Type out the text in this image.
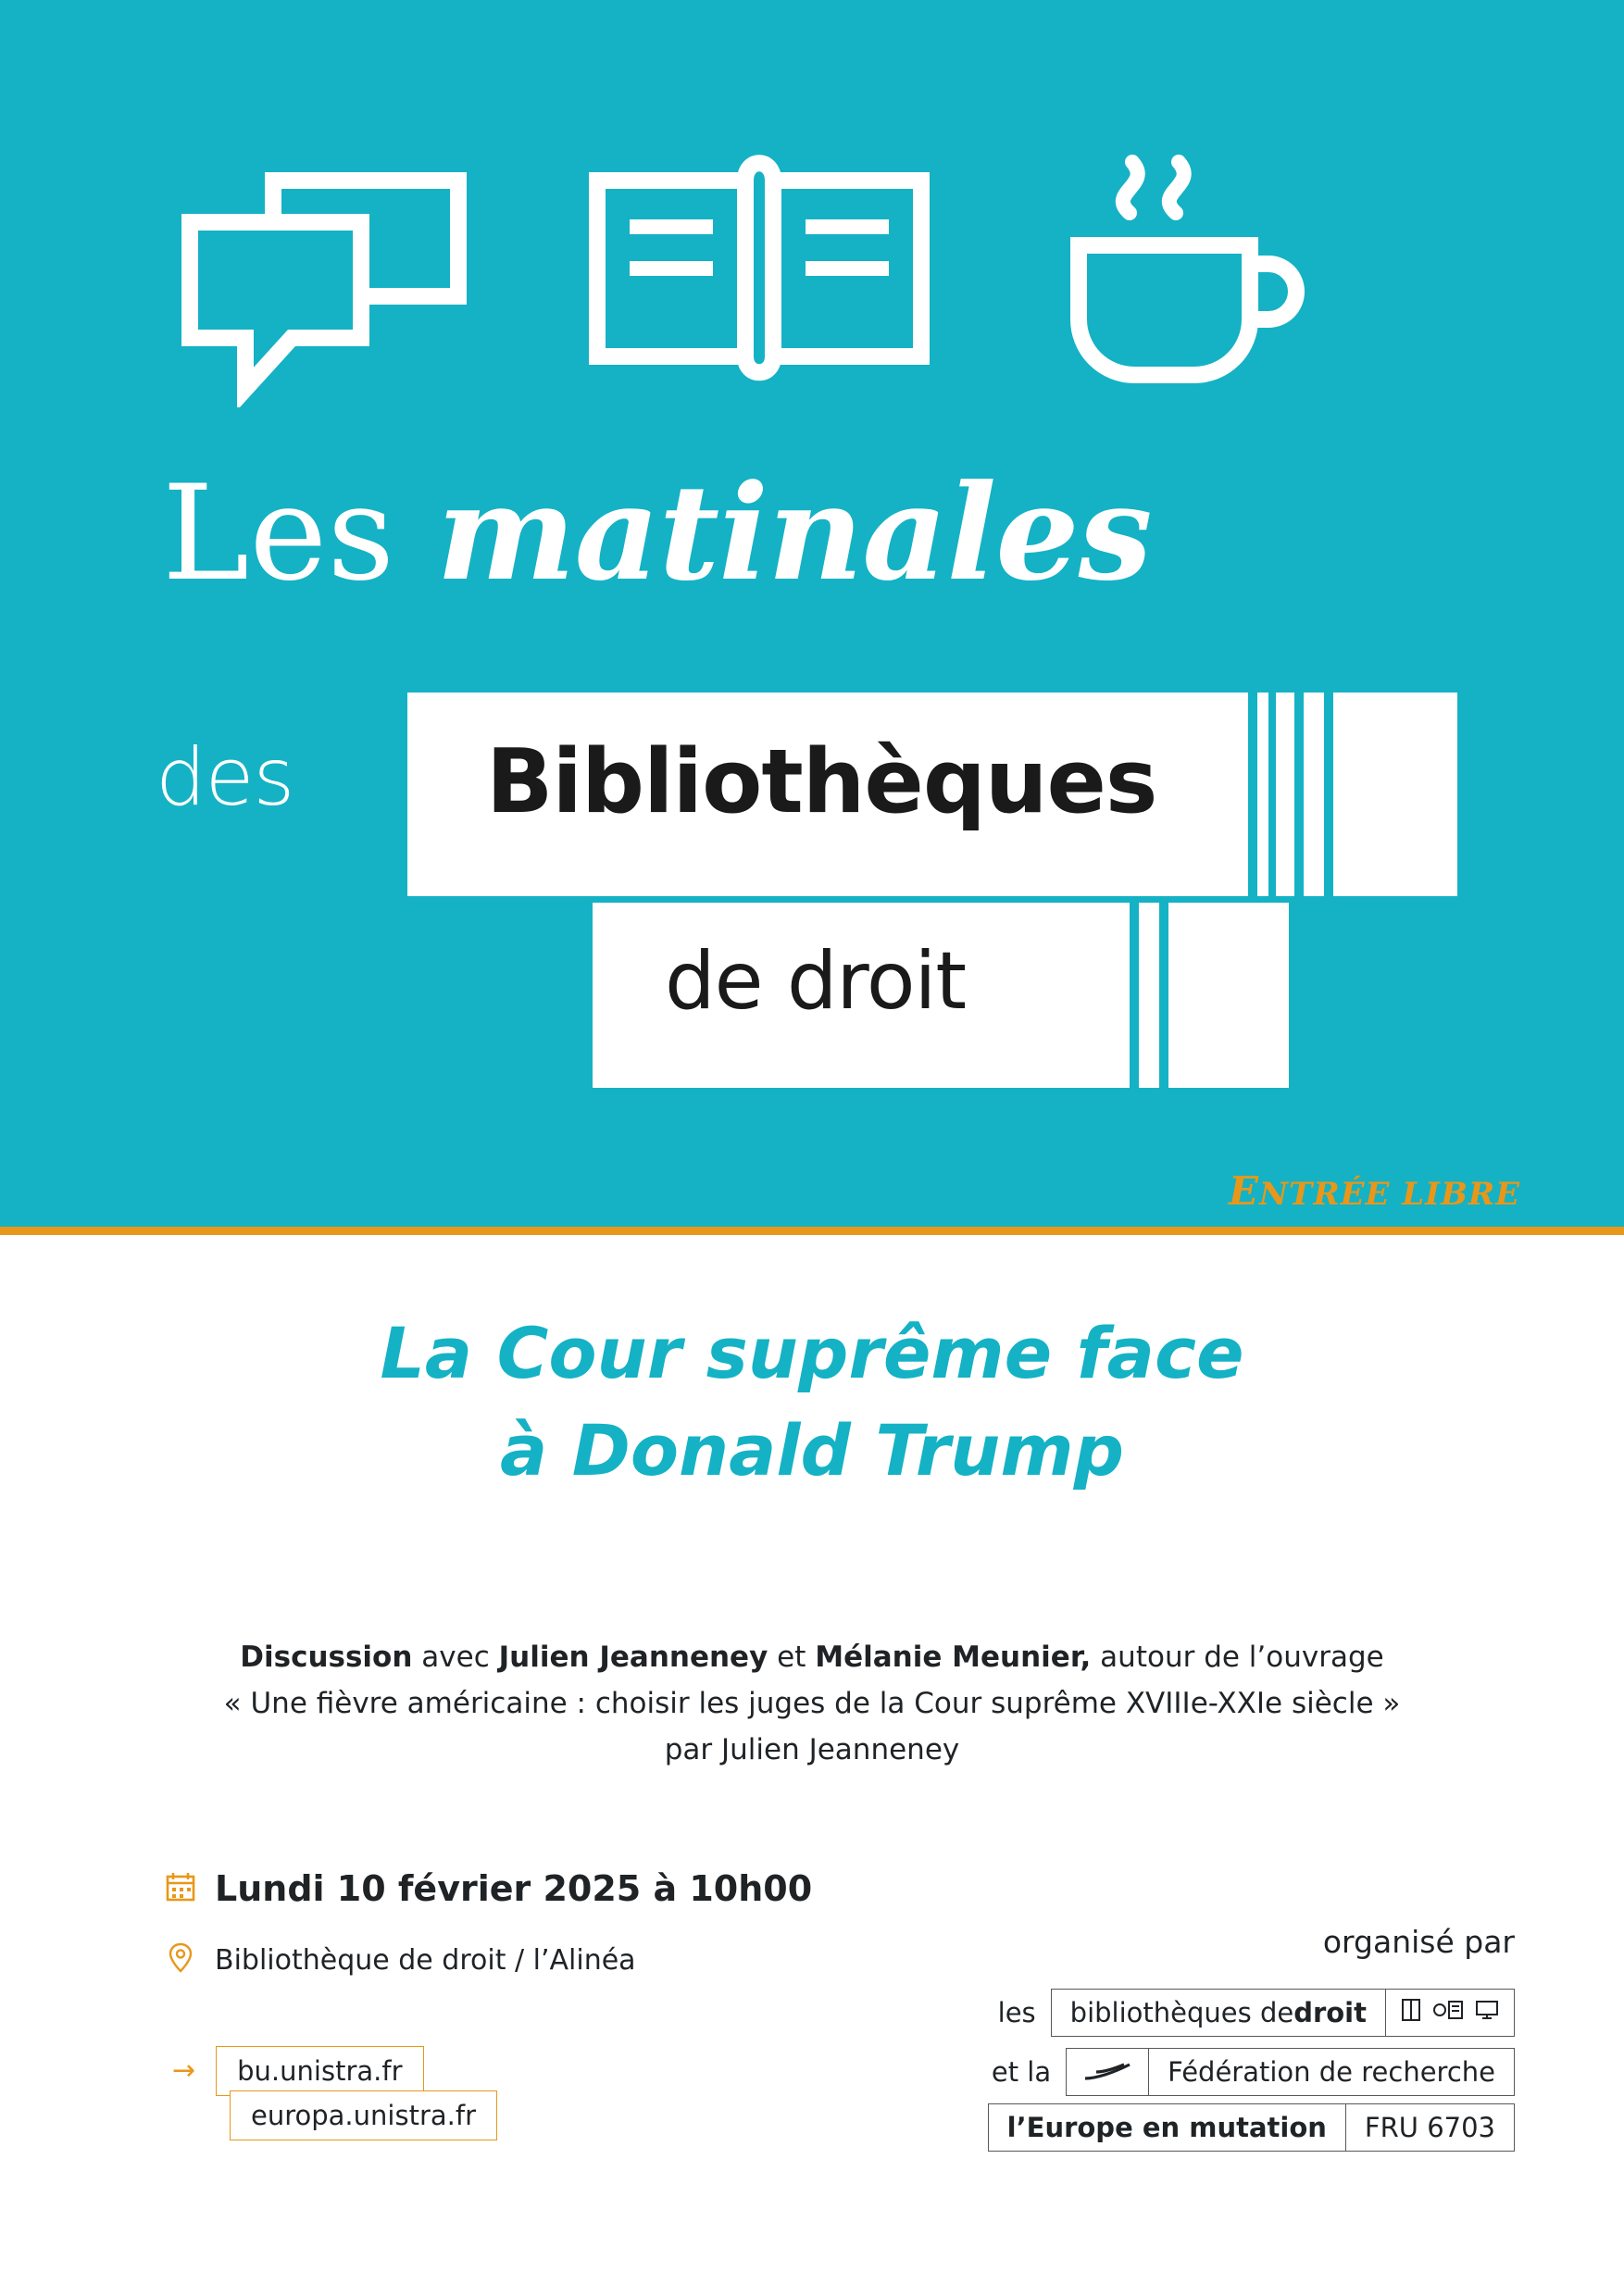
Les matinales
des Bibliothèques
de droit
ENTRÉE LIBRE
La Cour suprême face
à Donald Trump
Discussion avec Julien Jeanneney et Mélanie Meunier, autour de l’ouvrage
« Une fièvre américaine : choisir les juges de la Cour suprême XVIIIe-XXIe siècle »
par Julien Jeanneney
Lundi 10 février 2025 à 10h00
Bibliothèque de droit / l’Alinéa
→	bu.unistra.fr
europa.unistra.fr
organisé par
les	bibliothèques de droit
et la	Fédération de recherche
l’Europe en mutation	FRU 6703
